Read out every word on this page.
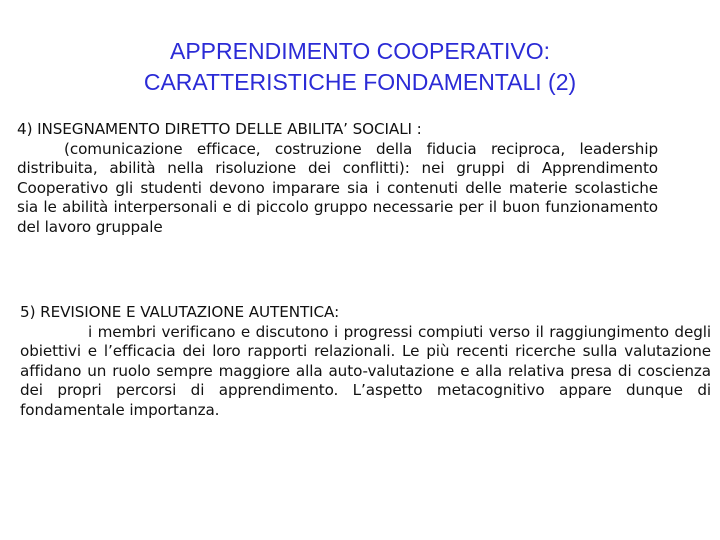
APPRENDIMENTO COOPERATIVO:
CARATTERISTICHE FONDAMENTALI (2)
4) INSEGNAMENTO DIRETTO DELLE ABILITA’ SOCIALI :
(comunicazione efficace, costruzione della fiducia reciproca, leadership distribuita, abilità nella risoluzione dei conflitti): nei gruppi di Apprendimento Cooperativo gli studenti devono imparare sia i contenuti delle materie scolastiche sia le abilità interpersonali e di piccolo gruppo necessarie per il buon funzionamento del lavoro gruppale
5) REVISIONE E VALUTAZIONE AUTENTICA:
i membri verificano e discutono i progressi compiuti verso il raggiungimento degli obiettivi e l’efficacia dei loro rapporti relazionali. Le più recenti ricerche sulla valutazione affidano un ruolo sempre maggiore alla auto-valutazione e alla relativa presa di coscienza dei propri percorsi di apprendimento. L’aspetto metacognitivo appare dunque di fondamentale importanza.
